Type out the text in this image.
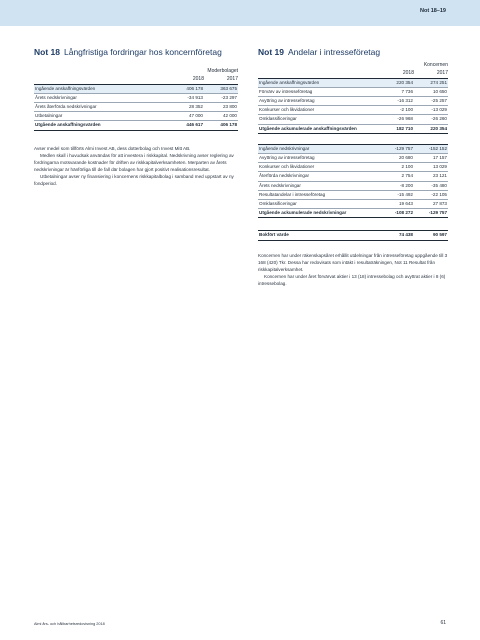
Not 18–19
Not 18 Långfristiga fordringar hos koncernföretag
Moderbolaget
2018	2017
Ingående anskaffningsvärden	406 178	363 675
Årets nedskrivningar	-34 913	-23 297
Årets återförda nedskrivningar	28 352	23 800
Utbetalningar	47 000	42 000
Utgående anskaffningsvärden	446 617	406 178

Avser medel som tillförts Almi Invest AB, dess dotterbolag och Invest Mitt AB.

Medlen skall i huvudsak användas för att investera i riskkapital. Nedskrivning avser reglering av fordringarna motsvarande kostnader för driften av riskkapitalverksamheten. Merparten av årets nedskrivningar är hänförliga till de fall där bolagen har gjort positivt realisationsresultat.

Utbetalningar avser ny finansiering i koncernens riskkapitalbolag i samband med uppstart av ny fondperiod.

Not 19 Andelar i intresseföretag
Koncernen
2018	2017
Ingående anskaffningsvärden	220 354	274 251
Förvärv av intresseföretag	7 736	10 650
Avyttring av intresseföretag	-16 312	-25 257
Konkurser och likvidationer	-2 100	-13 029
Omklassificeringar	-26 968	-26 260
Utgående ackumulerade anskaffningsvärden	182 710	220 354
Ingående nedskrivningar	-129 757	-152 152
Avyttring av intresseföretag	20 680	17 157
Konkurser och likvidationer	2 100	13 029
Återförda nedskrivningar	2 754	23 121
Årets nedskrivningar	-8 200	-35 480
Resultatandelar i intresseföretag	-15 492	-22 105
Omklassificeringar	19 643	27 873
Utgående ackumulerade nedskrivningar	-108 272	-129 757
Bokfört värde	74 438	90 597

Koncernen har under räkenskapsåret erhållit utdelningar från intresseföretag uppgående till 3 168 (420) Tkr. Dessa har redovisats som intäkt i resultaträkningen, Not 11 Resultat från riskkapitalverksamhet.

Koncernen har under året förvärvat aktier i 13 (18) intressebolag och avyttrat aktier i 8 (6) intressebolag.

Almi års- och hållbarhetsredovisning 2018	61
